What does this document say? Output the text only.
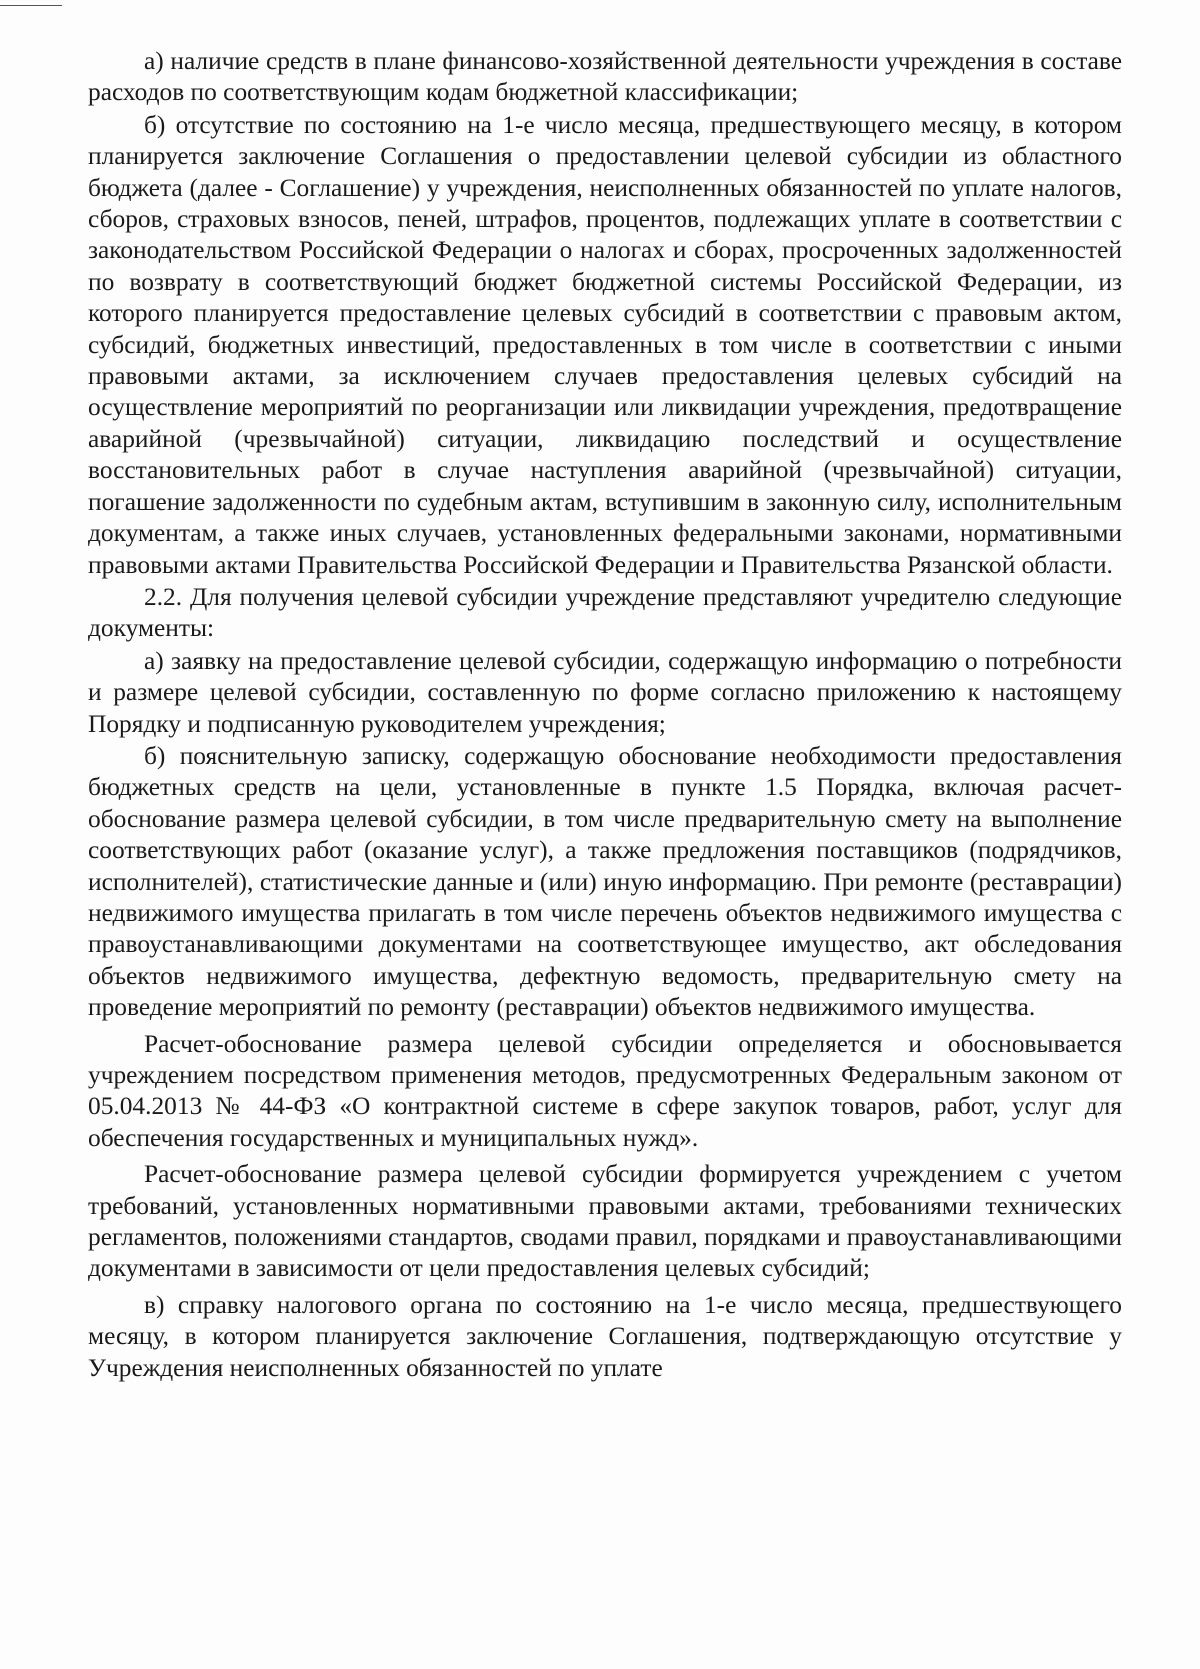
а) наличие средств в плане финансово-хозяйственной деятельности учреждения в составе расходов по соответствующим кодам бюджетной классификации;

б) отсутствие по состоянию на 1-е число месяца, предшествующего месяцу, в котором планируется заключение Соглашения о предоставлении целевой субсидии из областного бюджета (далее - Соглашение) у учреждения, неисполненных обязанностей по уплате налогов, сборов, страховых взносов, пеней, штрафов, процентов, подлежащих уплате в соответствии с законодательством Российской Федерации о налогах и сборах, просроченных задолженностей по возврату в соответствующий бюджет бюджетной системы Российской Федерации, из которого планируется предоставление целевых субсидий в соответствии с правовым актом, субсидий, бюджетных инвестиций, предоставленных в том числе в соответствии с иными правовыми актами, за исключением случаев предоставления целевых субсидий на осуществление мероприятий по реорганизации или ликвидации учреждения, предотвращение аварийной (чрезвычайной) ситуации, ликвидацию последствий и осуществление восстановительных работ в случае наступления аварийной (чрезвычайной) ситуации, погашение задолженности по судебным актам, вступившим в законную силу, исполнительным документам, а также иных случаев, установленных федеральными законами, нормативными правовыми актами Правительства Российской Федерации и Правительства Рязанской области.

2.2. Для получения целевой субсидии учреждение представляют учредителю следующие документы:

а) заявку на предоставление целевой субсидии, содержащую информацию о потребности и размере целевой субсидии, составленную по форме согласно приложению к настоящему Порядку и подписанную руководителем учреждения;

б) пояснительную записку, содержащую обоснование необходимости предоставления бюджетных средств на цели, установленные в пункте 1.5 Порядка, включая расчет-обоснование размера целевой субсидии, в том числе предварительную смету на выполнение соответствующих работ (оказание услуг), а также предложения поставщиков (подрядчиков, исполнителей), статистические данные и (или) иную информацию. При ремонте (реставрации) недвижимого имущества прилагать в том числе перечень объектов недвижимого имущества с правоустанавливающими документами на соответствующее имущество, акт обследования объектов недвижимого имущества, дефектную ведомость, предварительную смету на проведение мероприятий по ремонту (реставрации) объектов недвижимого имущества.

Расчет-обоснование размера целевой субсидии определяется и обосновывается учреждением посредством применения методов, предусмотренных Федеральным законом от 05.04.2013 № 44-ФЗ «О контрактной системе в сфере закупок товаров, работ, услуг для обеспечения государственных и муниципальных нужд».

Расчет-обоснование размера целевой субсидии формируется учреждением с учетом требований, установленных нормативными правовыми актами, требованиями технических регламентов, положениями стандартов, сводами правил, порядками и правоустанавливающими документами в зависимости от цели предоставления целевых субсидий;

в) справку налогового органа по состоянию на 1-е число месяца, предшествующего месяцу, в котором планируется заключение Соглашения, подтверждающую отсутствие у Учреждения неисполненных обязанностей по уплате
